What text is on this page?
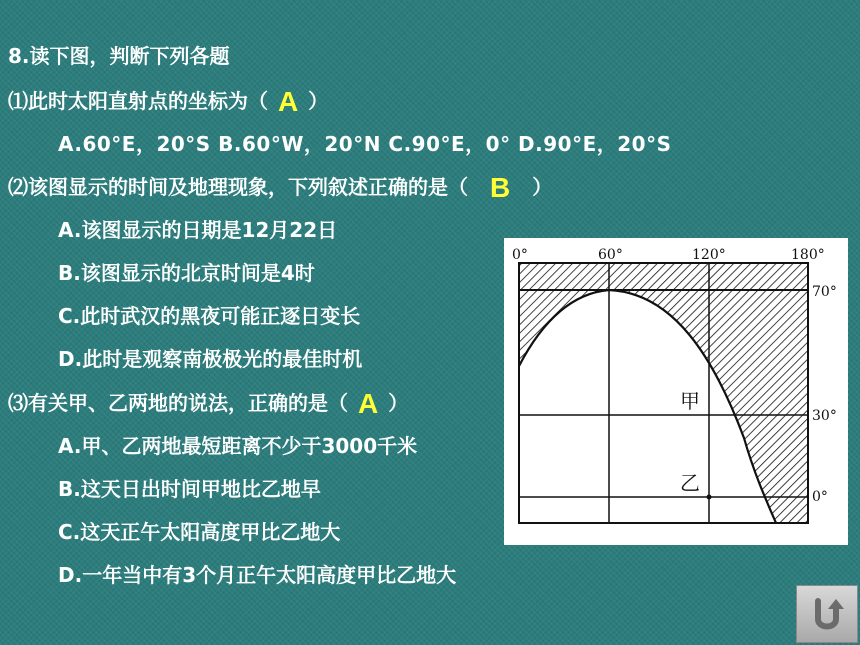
8.读下图，判断下列各题
⑴此时太阳直射点的坐标为（ A ）
A.60°E，20°S B.60°W，20°N C.90°E，0° D.90°E，20°S
⑵该图显示的时间及地理现象，下列叙述正确的是（ B ）
A.该图显示的日期是12月22日
B.该图显示的北京时间是4时
C.此时武汉的黑夜可能正逐日变长
D.此时是观察南极极光的最佳时机
⑶有关甲、乙两地的说法，正确的是（ A ）
A.甲、乙两地最短距离不少于3000千米
B.这天日出时间甲地比乙地早
C.这天正午太阳高度甲比乙地大
D.一年当中有3个月正午太阳高度甲比乙地大
0°	60°	120°	180°
70°
30°
0°
甲
乙
